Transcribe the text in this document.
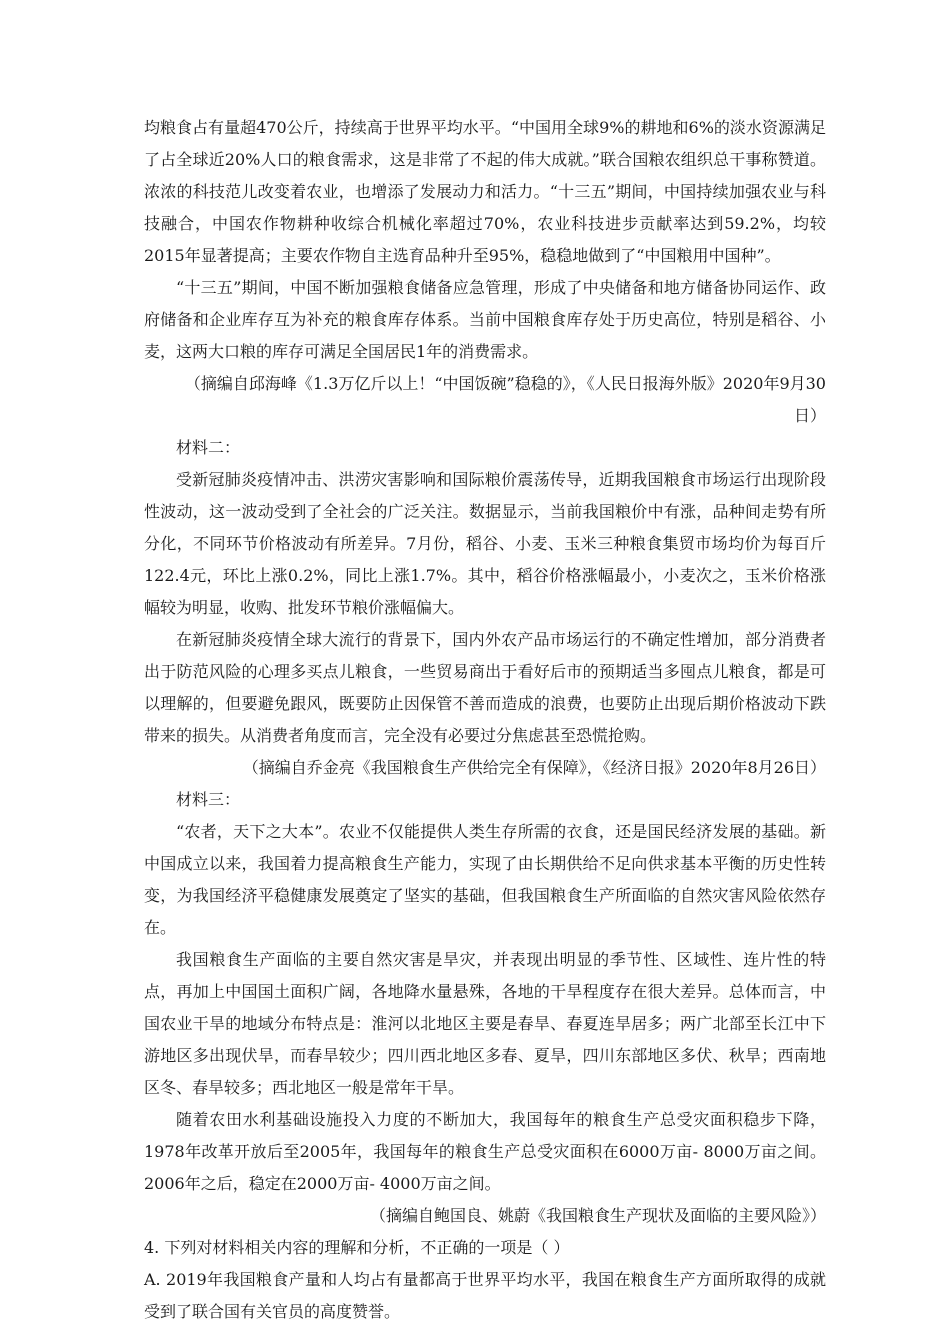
均粮食占有量超470公斤，持续高于世界平均水平。“中国用全球9%的耕地和6%的淡水资源满足了占全球近20%人口的粮食需求，这是非常了不起的伟大成就。”联合国粮农组织总干事称赞道。浓浓的科技范儿改变着农业，也增添了发展动力和活力。“十三五”期间，中国持续加强农业与科技融合，中国农作物耕种收综合机械化率超过70%，农业科技进步贡献率达到59.2%，均较2015年显著提高；主要农作物自主选育品种升至95%，稳稳地做到了“中国粮用中国种”。

“十三五”期间，中国不断加强粮食储备应急管理，形成了中央储备和地方储备协同运作、政府储备和企业库存互为补充的粮食库存体系。当前中国粮食库存处于历史高位，特别是稻谷、小麦，这两大口粮的库存可满足全国居民1年的消费需求。

（摘编自邱海峰《1.3万亿斤以上！“中国饭碗”稳稳的》，《人民日报海外版》2020年9月30日）

材料二：

受新冠肺炎疫情冲击、洪涝灾害影响和国际粮价震荡传导，近期我国粮食市场运行出现阶段性波动，这一波动受到了全社会的广泛关注。数据显示，当前我国粮价中有涨，品种间走势有所分化，不同环节价格波动有所差异。7月份，稻谷、小麦、玉米三种粮食集贸市场均价为每百斤122.4元，环比上涨0.2%，同比上涨1.7%。其中，稻谷价格涨幅最小，小麦次之，玉米价格涨幅较为明显，收购、批发环节粮价涨幅偏大。

在新冠肺炎疫情全球大流行的背景下，国内外农产品市场运行的不确定性增加，部分消费者出于防范风险的心理多买点儿粮食，一些贸易商出于看好后市的预期适当多囤点儿粮食，都是可以理解的，但要避免跟风，既要防止因保管不善而造成的浪费，也要防止出现后期价格波动下跌带来的损失。从消费者角度而言，完全没有必要过分焦虑甚至恐慌抢购。

（摘编自乔金亮《我国粮食生产供给完全有保障》，《经济日报》2020年8月26日）

材料三：

“农者，天下之大本”。农业不仅能提供人类生存所需的衣食，还是国民经济发展的基础。新中国成立以来，我国着力提高粮食生产能力，实现了由长期供给不足向供求基本平衡的历史性转变，为我国经济平稳健康发展奠定了坚实的基础，但我国粮食生产所面临的自然灾害风险依然存在。

我国粮食生产面临的主要自然灾害是旱灾，并表现出明显的季节性、区域性、连片性的特点，再加上中国国土面积广阔，各地降水量悬殊，各地的干旱程度存在很大差异。总体而言，中国农业干旱的地域分布特点是：淮河以北地区主要是春旱、春夏连旱居多；两广北部至长江中下游地区多出现伏旱，而春旱较少；四川西北地区多春、夏旱，四川东部地区多伏、秋旱；西南地区冬、春旱较多；西北地区一般是常年干旱。

随着农田水利基础设施投入力度的不断加大，我国每年的粮食生产总受灾面积稳步下降，1978年改革开放后至2005年，我国每年的粮食生产总受灾面积在6000万亩- 8000万亩之间。2006年之后，稳定在2000万亩- 4000万亩之间。

（摘编自鲍国良、姚蔚《我国粮食生产现状及面临的主要风险》）

4. 下列对材料相关内容的理解和分析，不正确的一项是（ ）

A. 2019年我国粮食产量和人均占有量都高于世界平均水平，我国在粮食生产方面所取得的成就受到了联合国有关官员的高度赞誉。
